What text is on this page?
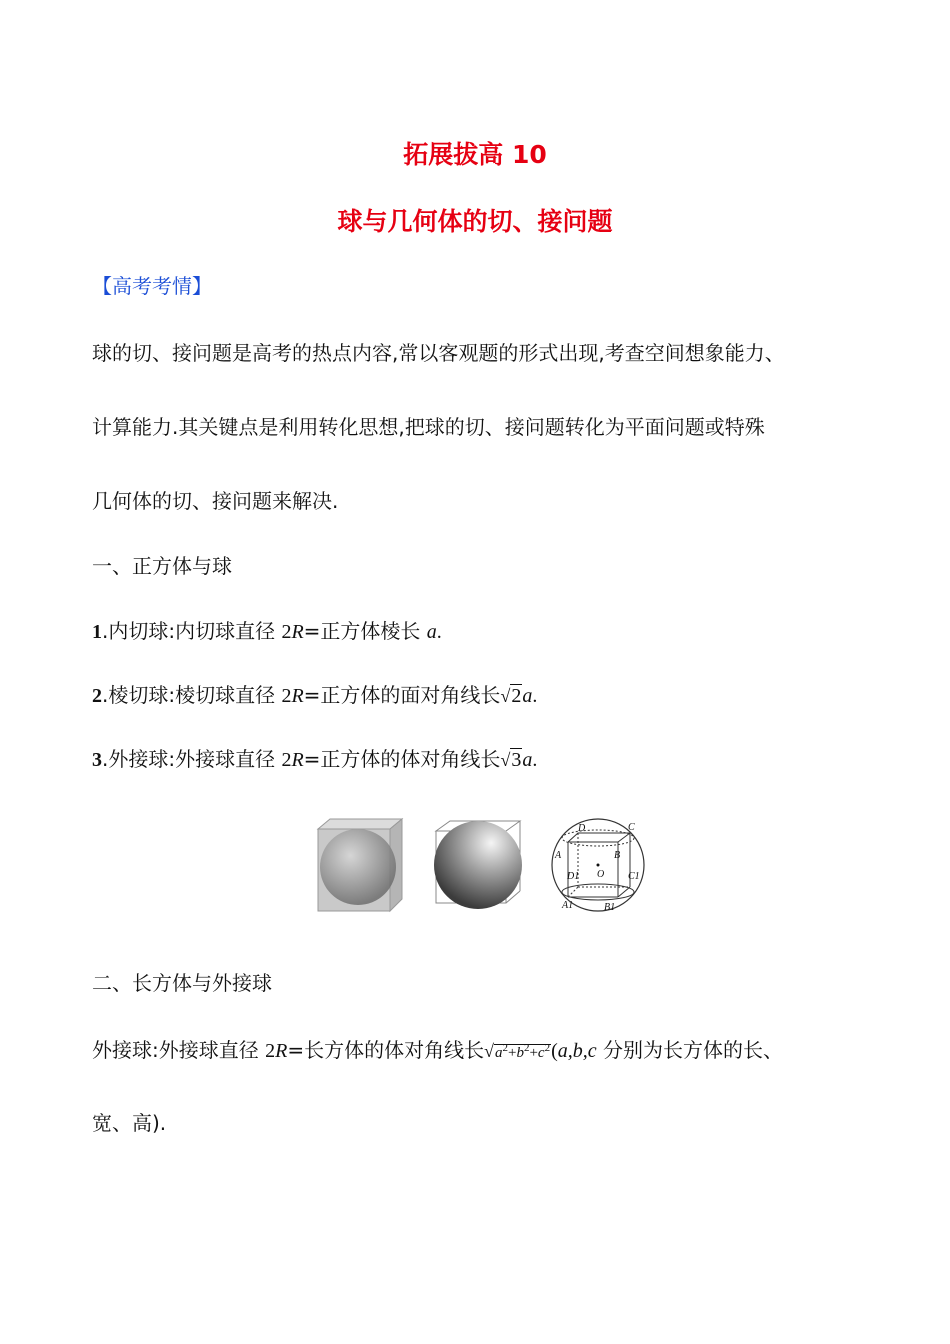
拓展拔高 10
球与几何体的切、接问题
【高考考情】
球的切、接问题是高考的热点内容,常以客观题的形式出现,考查空间想象能力、
计算能力.其关键点是利用转化思想,把球的切、接问题转化为平面问题或特殊
几何体的切、接问题来解决.
一、正方体与球
1.内切球:内切球直径 2R=正方体棱长 a.
2.棱切球:棱切球直径 2R=正方体的面对角线长√2a.
3.外接球:外接球直径 2R=正方体的体对角线长√3a.
D	C
A	B
D1	C1
O
A1	B1
二、长方体与外接球
外接球:外接球直径 2R=长方体的体对角线长$√a^2+b^2+c^2(a,b,c$ 分别为长方体的长、
宽、高).
